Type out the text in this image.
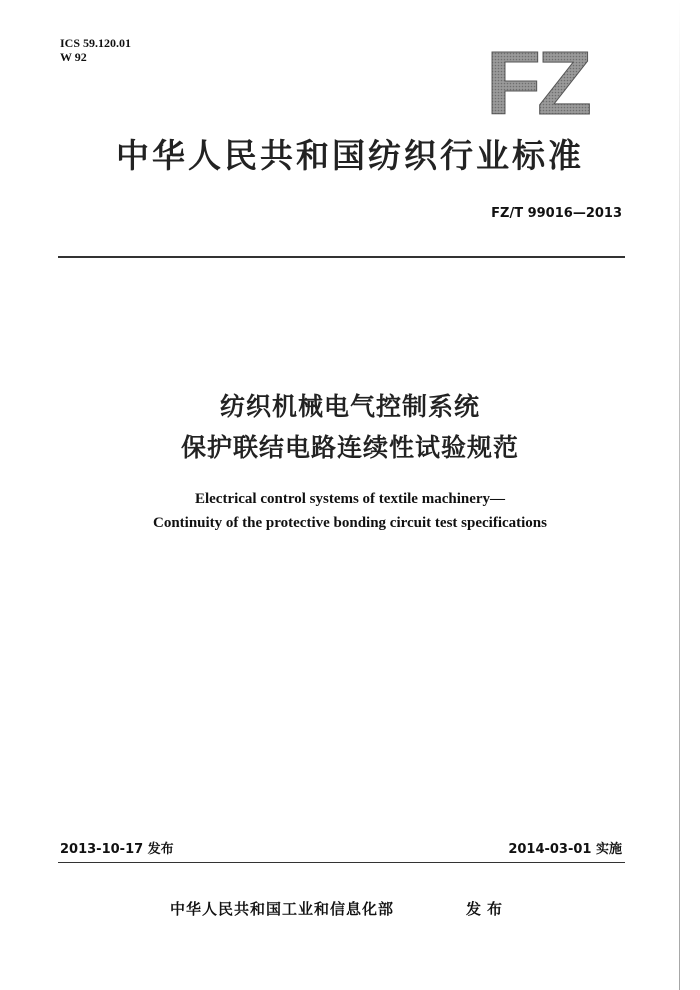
ICS 59.120.01
W 92	FZ
中华人民共和国纺织行业标准
FZ/T 99016—2013
纺织机械电气控制系统
保护联结电路连续性试验规范
Electrical control systems of textile machinery—
Continuity of the protective bonding circuit test specifications
2013-10-17 发布	2014-03-01 实施
中华人民共和国工业和信息化部	发布
